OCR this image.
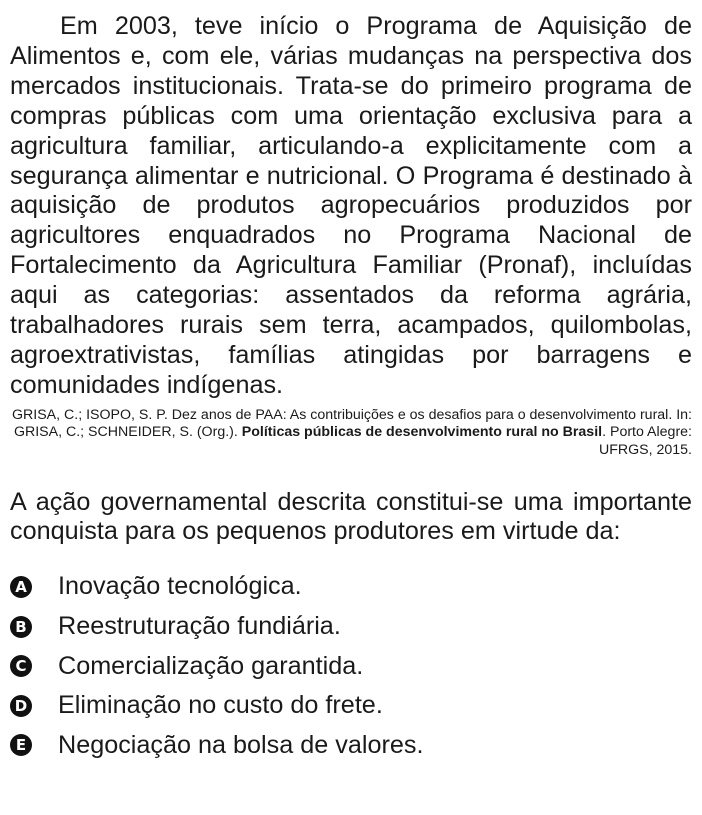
Em 2003, teve início o Programa de Aquisição de Alimentos e, com ele, várias mudanças na perspectiva dos mercados institucionais. Trata-se do primeiro programa de compras públicas com uma orientação exclusiva para a agricultura familiar, articulando-a explicitamente com a segurança alimentar e nutricional. O Programa é destinado à aquisição de produtos agropecuários produzidos por agricultores enquadrados no Programa Nacional de Fortalecimento da Agricultura Familiar (Pronaf), incluídas aqui as categorias: assentados da reforma agrária, trabalhadores rurais sem terra, acampados, quilombolas, agroextrativistas, famílias atingidas por barragens e comunidades indígenas.

GRISA, C.; ISOPO, S. P. Dez anos de PAA: As contribuições e os desafios para o desenvolvimento rural. In: GRISA, C.; SCHNEIDER, S. (Org.). Políticas públicas de desenvolvimento rural no Brasil. Porto Alegre: UFRGS, 2015.

A ação governamental descrita constitui-se uma importante conquista para os pequenos produtores em virtude da:

A Inovação tecnológica.
B Reestruturação fundiária.
C Comercialização garantida.
D Eliminação no custo do frete.
E Negociação na bolsa de valores.
